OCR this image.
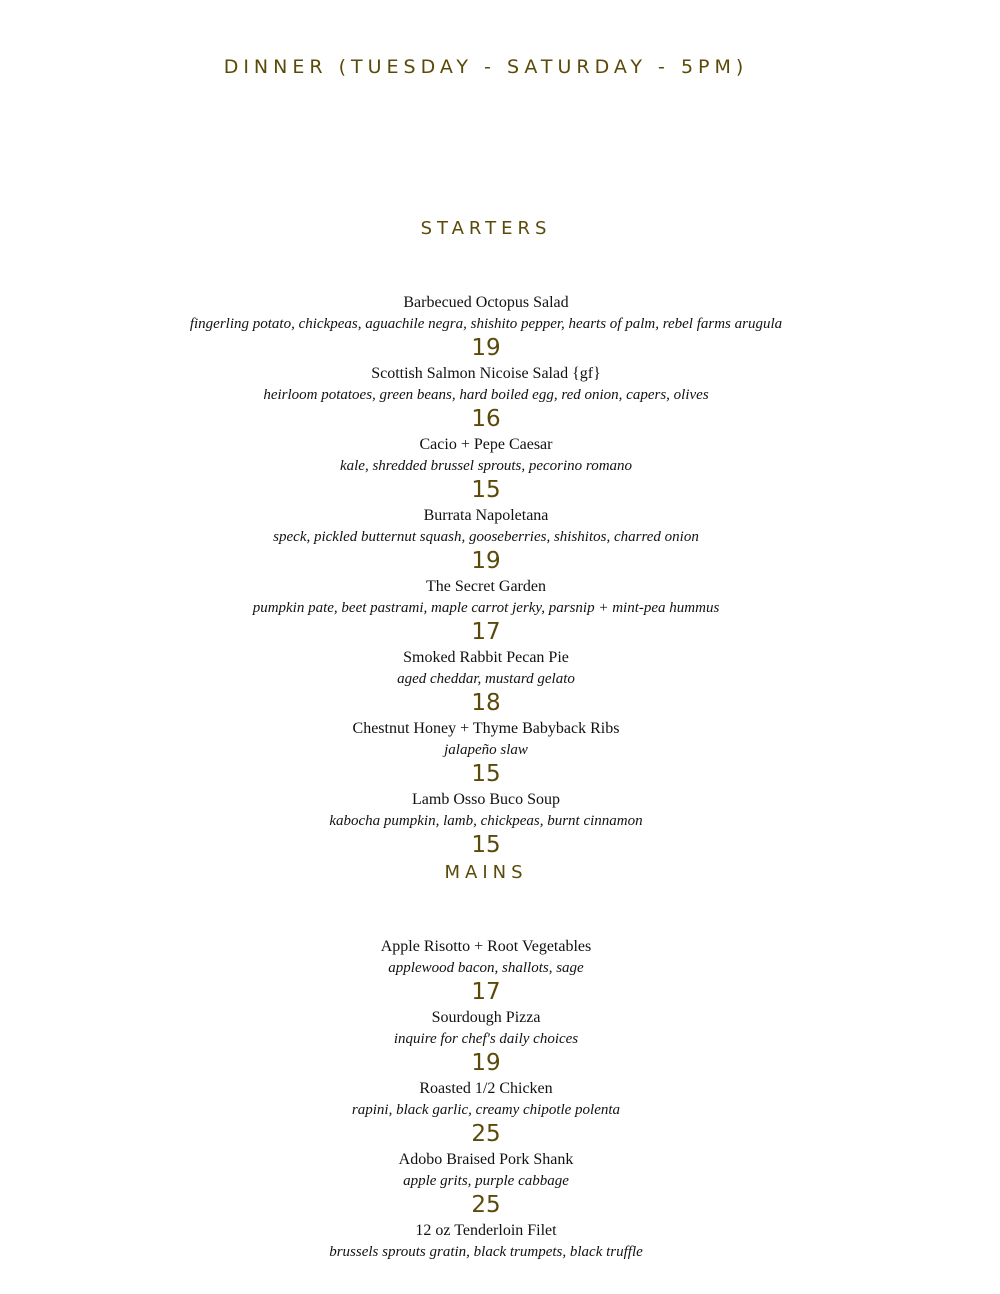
DINNER (TUESDAY - SATURDAY - 5PM)
STARTERS
Barbecued Octopus Salad
fingerling potato, chickpeas, aguachile negra, shishito pepper, hearts of palm, rebel farms arugula
19
Scottish Salmon Nicoise Salad {gf}
heirloom potatoes, green beans, hard boiled egg, red onion, capers, olives
16
Cacio + Pepe Caesar
kale, shredded brussel sprouts, pecorino romano
15
Burrata Napoletana
speck, pickled butternut squash, gooseberries, shishitos, charred onion
19
The Secret Garden
pumpkin pate, beet pastrami, maple carrot jerky, parsnip + mint-pea hummus
17
Smoked Rabbit Pecan Pie
aged cheddar, mustard gelato
18
Chestnut Honey + Thyme Babyback Ribs
jalapeño slaw
15
Lamb Osso Buco Soup
kabocha pumpkin, lamb, chickpeas, burnt cinnamon
15
MAINS
Apple Risotto + Root Vegetables
applewood bacon, shallots, sage
17
Sourdough Pizza
inquire for chef's daily choices
19
Roasted 1/2 Chicken
rapini, black garlic, creamy chipotle polenta
25
Adobo Braised Pork Shank
apple grits, purple cabbage
25
12 oz Tenderloin Filet
brussels sprouts gratin, black trumpets, black truffle
